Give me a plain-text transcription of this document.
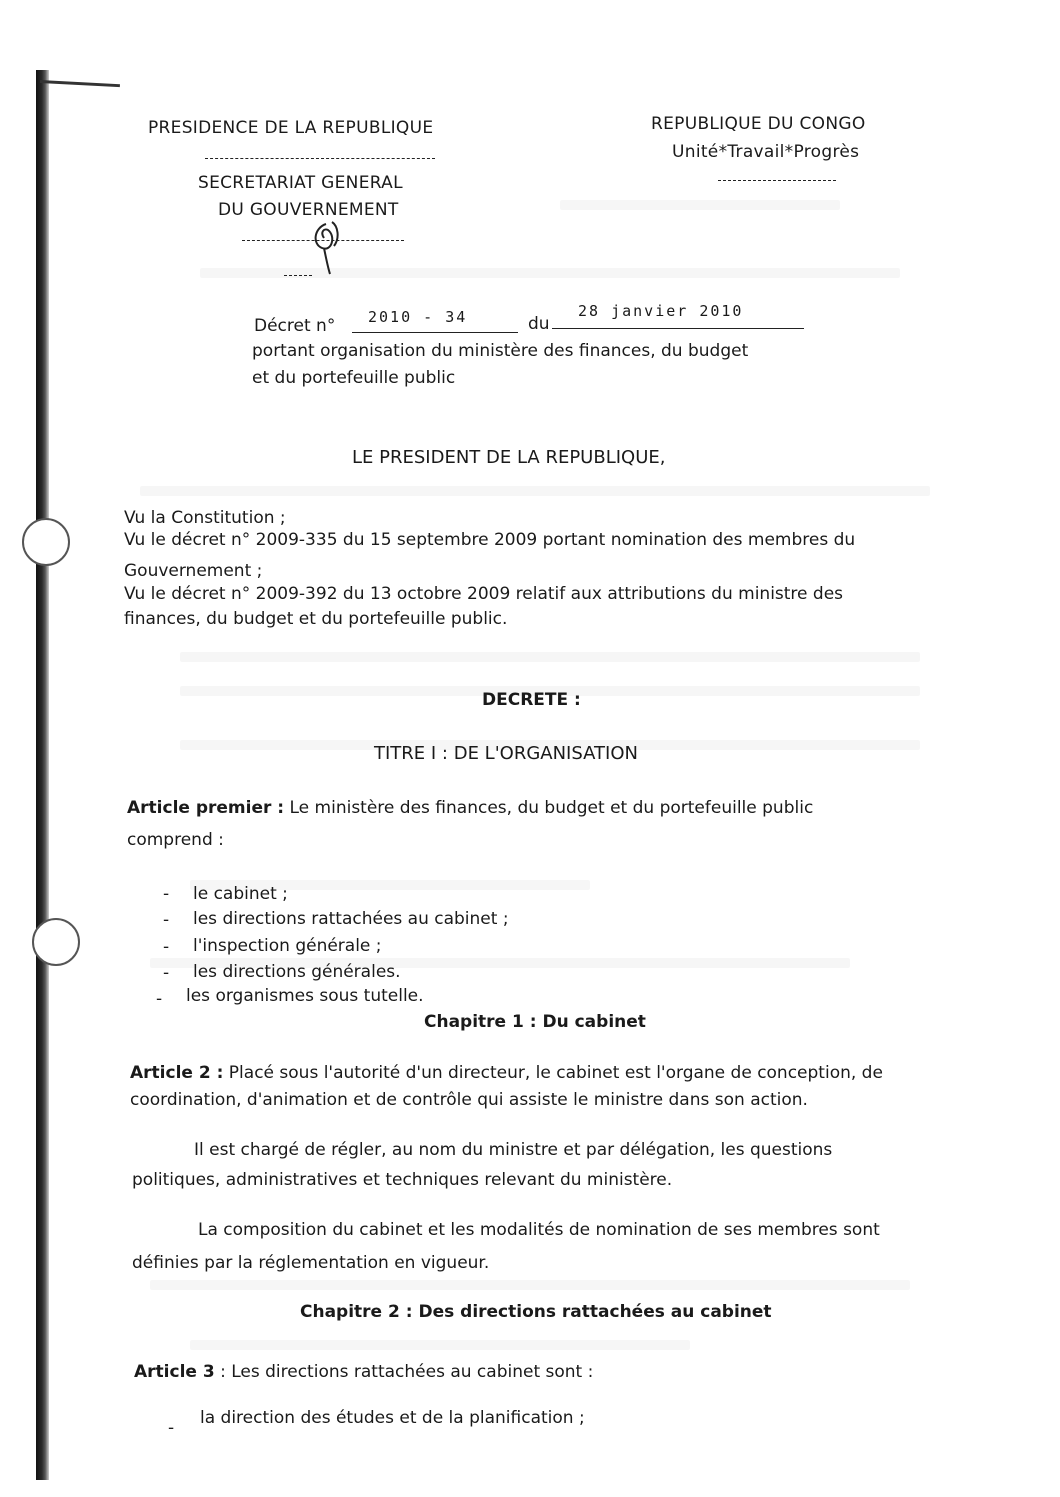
PRESIDENCE DE LA REPUBLIQUE
SECRETARIAT GENERAL
DU GOUVERNEMENT
REPUBLIQUE DU CONGO
Unité*Travail*Progrès
Décret n° 2010 - 34	du
28 janvier 2010
portant organisation du ministère des finances, du budget
et du portefeuille public
LE PRESIDENT DE LA REPUBLIQUE,
Vu la Constitution ;
Vu le décret n° 2009-335 du 15 septembre 2009 portant nomination des membres du
Gouvernement ;
Vu le décret n° 2009-392 du 13 octobre 2009 relatif aux attributions du ministre des
finances, du budget et du portefeuille public.
DECRETE :
TITRE I : DE L'ORGANISATION
Article premier : Le ministère des finances, du budget et du portefeuille public
comprend :
- le cabinet ;
- les directions rattachées au cabinet ;
- l'inspection générale ;
- les directions générales.
- les organismes sous tutelle.
Chapitre 1 : Du cabinet
Article 2 : Placé sous l'autorité d'un directeur, le cabinet est l'organe de conception, de
coordination, d'animation et de contrôle qui assiste le ministre dans son action.
Il est chargé de régler, au nom du ministre et par délégation, les questions
politiques, administratives et techniques relevant du ministère.
La composition du cabinet et les modalités de nomination de ses membres sont
définies par la réglementation en vigueur.
Chapitre 2 : Des directions rattachées au cabinet
Article 3 : Les directions rattachées au cabinet sont :
- la direction des études et de la planification ;
